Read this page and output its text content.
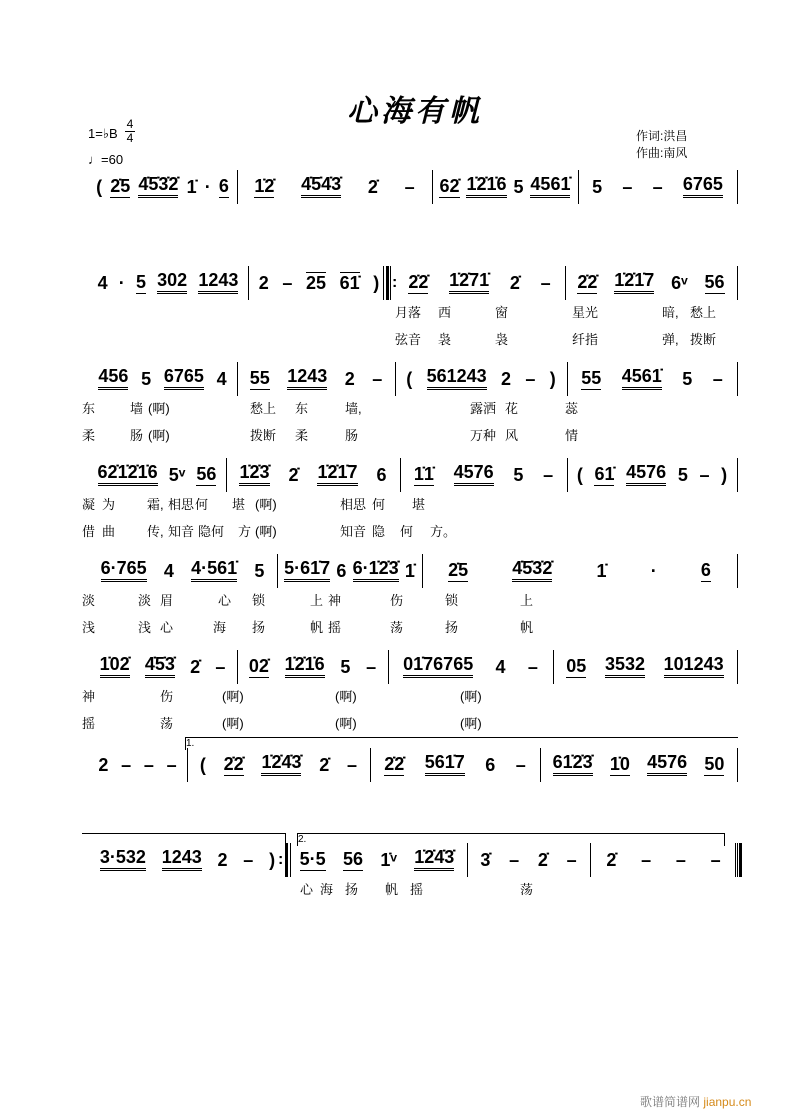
心海有帆
1=♭B
4
4
♩=60
作词:洪昌
作曲:南风
( 2̇5 4̇5̇3̇2̇ 1̇ · 6 1̇2̇ 4̇5̇4̇3̇ 2̇ – 62̇ 1̇2̇1̇6 5 4561̇ 5 – – 6765
4 · 5 302 1243 2 – 25 61̇ ) 2̇2̇ 1̇2̇71̇ 2̇ – 2̇2̇ 1̇2̇1̇7 6ᵛ 56
月落 西	窗	星光	暗, 愁上
弦音 袅	袅	纤指	弹, 拨断
456 5 6765 4 55 1243 2 – ( 561243 2 – ) 55 4561̇ 5 –
东	墙 (啊)	愁上 东	墙,	露洒 花	蕊
柔	肠 (啊)	拨断 柔	肠	万种 风	情
62̇1̇2̇1̇6 5ᵛ 56 1̇2̇3̇ 2̇ 1̇2̇1̇7 6 1̇1̇ 4576 5 – ( 61̇ 4576 5 – )
凝 为 霜, 相思 何 堪 (啊)	相思 何 堪
借 曲 传, 知音 隐何 方 (啊)	知音 隐 何 方。
6·765 4 4·561̇ 5 5·61̇7 6 6·1̇2̇3̇ 1̇ 2̇5 4̇5̇3̇2̇ 1̇ · 6
淡	淡 眉	心 锁	上 神	伤	锁	上
浅	浅 心	海 扬	帆 摇	荡	扬	帆
1̇02̇ 4̇5̇3̇ 2̇ – 02̇ 1̇2̇1̇6 5 – 01̇76765 4 – 05 3532 101243
神	伤	(啊)	(啊)	(啊)
摇	荡	(啊)	(啊)	(啊)
2 – – – ( 2̇2̇ 1̇2̇4̇3̇ 2̇ – 2̇2̇ 561̇7 6 – 61̇2̇3̇ 1̇0 4576 50
3·532 1243 2 – ) 5·5 56 1̇ᵛ 1̇2̇4̇3̇ 3̇ – 2̇ – 2̇ – – –
心 海 扬 帆 摇	荡
:
:
1.
2.
歌谱简谱网 jianpu.cn
